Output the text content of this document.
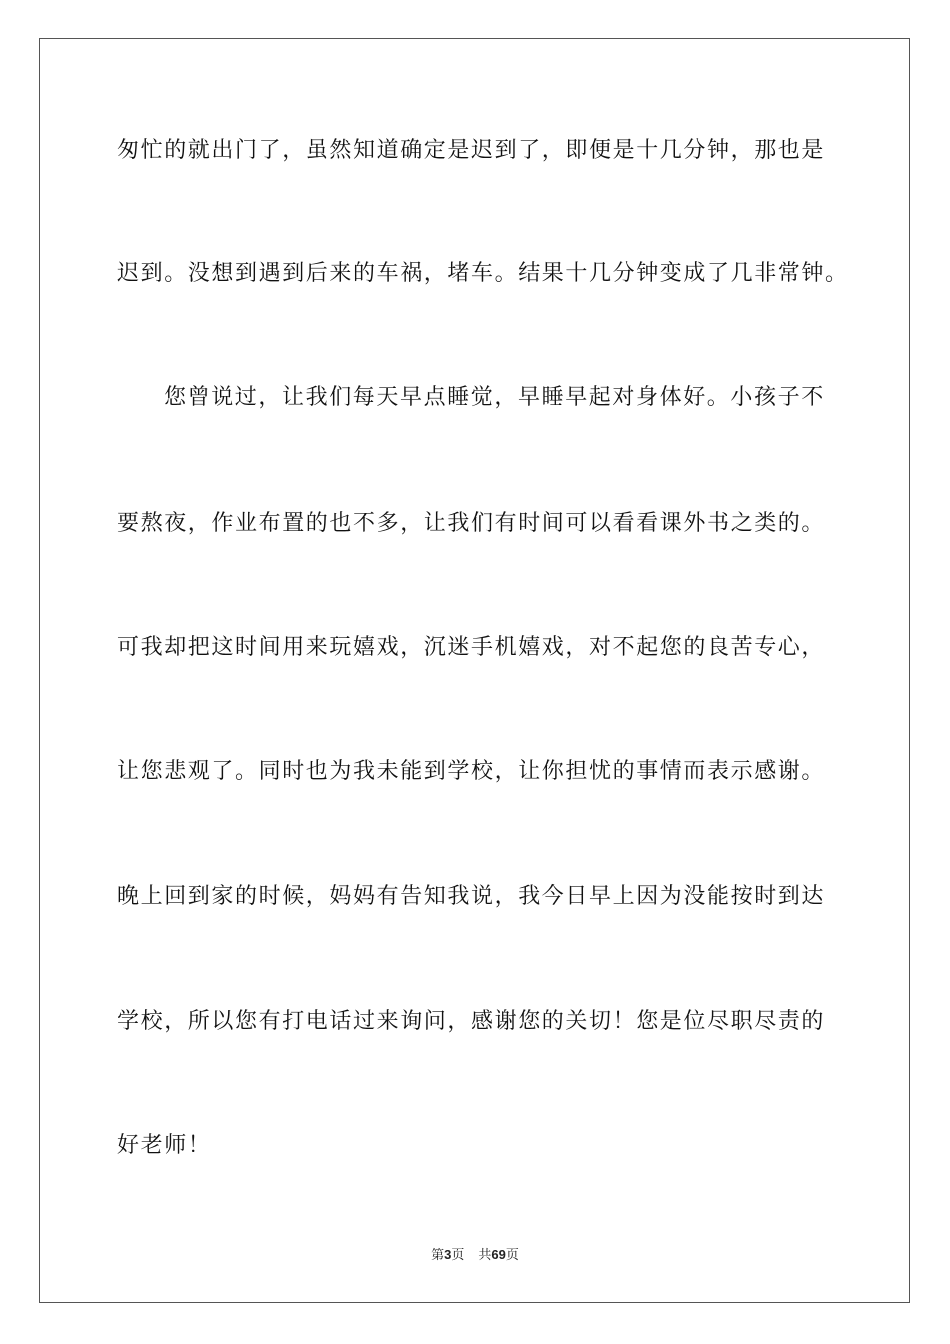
匆忙的就出门了，虽然知道确定是迟到了，即便是十几分钟，那也是
迟到。没想到遇到后来的车祸，堵车。结果十几分钟变成了几非常钟。
您曾说过，让我们每天早点睡觉，早睡早起对身体好。小孩子不
要熬夜，作业布置的也不多，让我们有时间可以看看课外书之类的。
可我却把这时间用来玩嬉戏，沉迷手机嬉戏，对不起您的良苦专心，
让您悲观了。同时也为我未能到学校，让你担忧的事情而表示感谢。
晚上回到家的时候，妈妈有告知我说，我今日早上因为没能按时到达
学校，所以您有打电话过来询问，感谢您的关切！您是位尽职尽责的
好老师！
第3页 共69页
